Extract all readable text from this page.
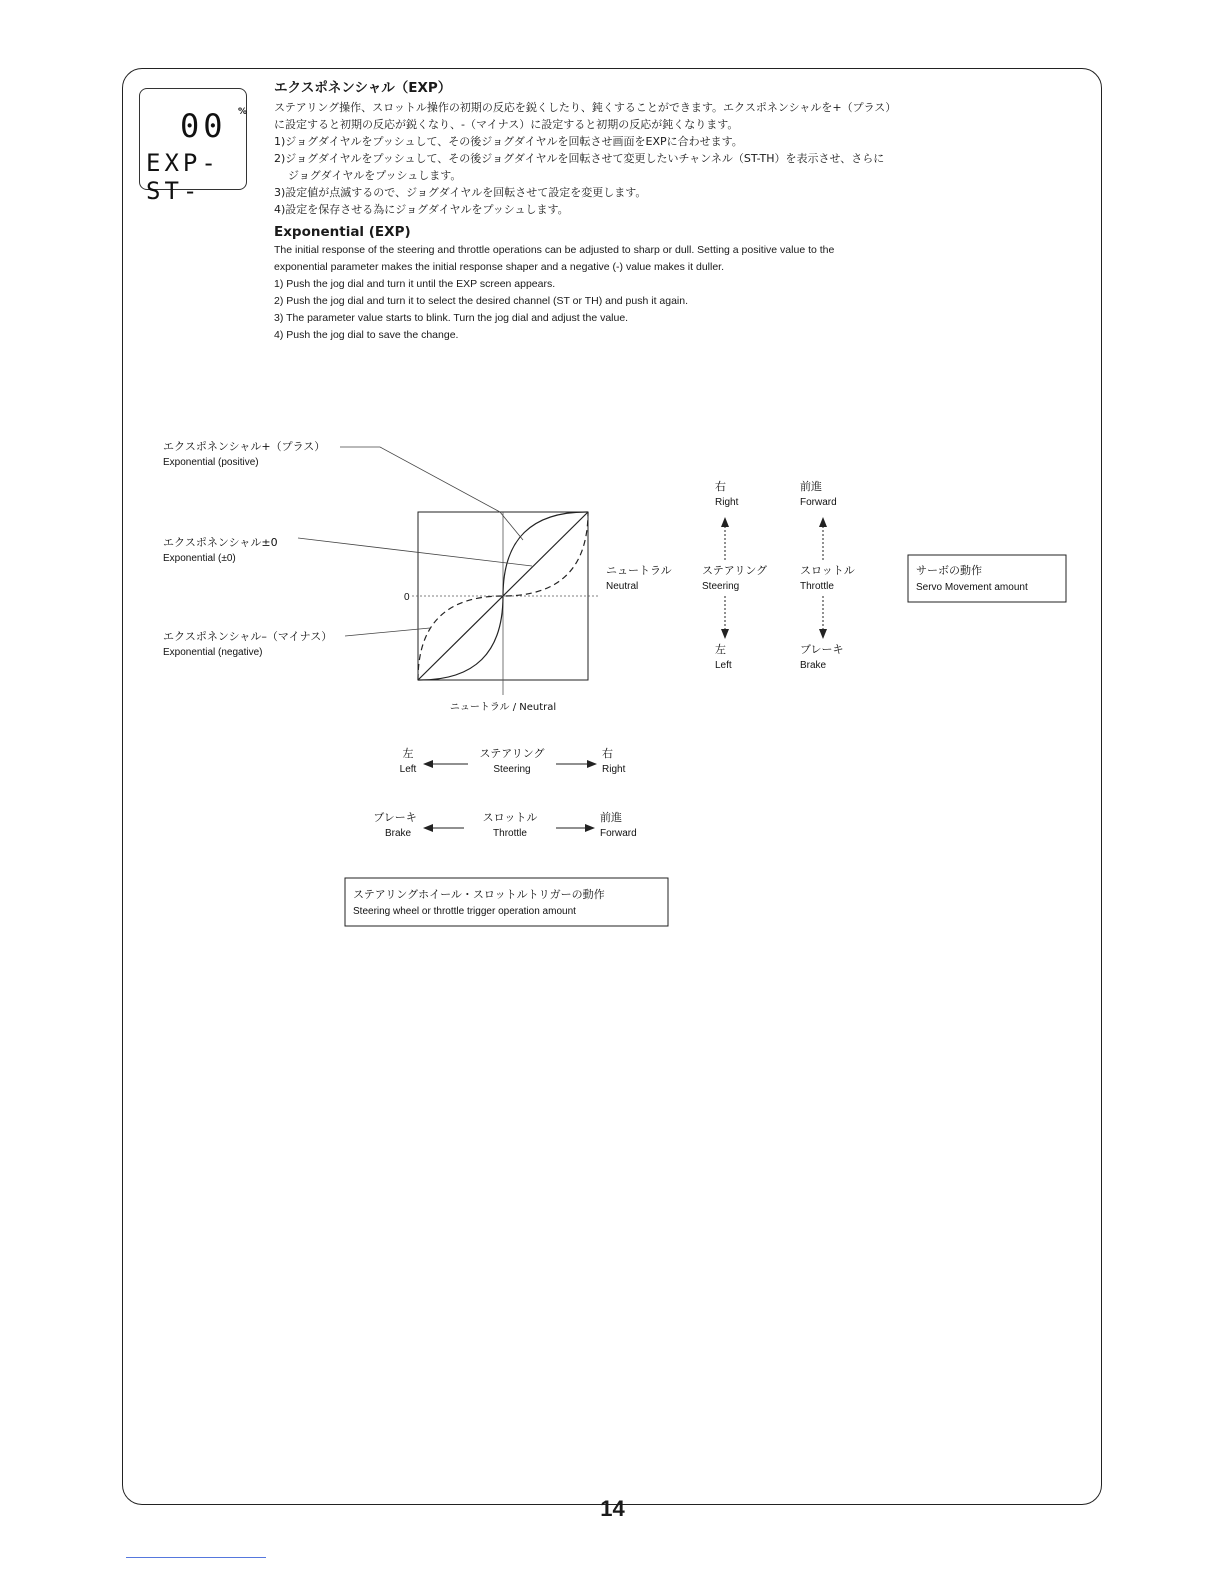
00 %
EXP-ST-

エクスポネンシャル（EXP）

ステアリング操作、スロットル操作の初期の反応を鋭くしたり、鈍くすることができます。エクスポネンシャルを+（プラス）

に設定すると初期の反応が鋭くなり、-（マイナス）に設定すると初期の反応が鈍くなります。

1)ジョグダイヤルをプッシュして、その後ジョグダイヤルを回転させ画面をEXPに合わせます。

2)ジョグダイヤルをプッシュして、その後ジョグダイヤルを回転させて変更したいチャンネル（ST-TH）を表示させ、さらに

ジョグダイヤルをプッシュします。

3)設定値が点滅するので、ジョグダイヤルを回転させて設定を変更します。

4)設定を保存させる為にジョグダイヤルをプッシュします。

Exponential (EXP)

The initial response of the steering and throttle operations can be adjusted to sharp or dull. Setting a positive value to the

exponential parameter makes the initial response shaper and a negative (-) value makes it duller.

1) Push the jog dial and turn it until the EXP screen appears.

2) Push the jog dial and turn it to select the desired channel (ST or TH) and push it again.

3) The parameter value starts to blink. Turn the jog dial and adjust the value.

4) Push the jog dial to save the change.

エクスポネンシャル+（プラス）
Exponential (positive)
エクスポネンシャル±0
Exponential (±0)
エクスポネンシャル–（マイナス）
Exponential (negative)
0
ニュートラル / Neutral
ニュートラル
Neutral
ステアリング
Steering
スロットル
Throttle
右
Right
前進
Forward
左
Left
ブレーキ
Brake
サーボの動作
Servo Movement amount
左
Left
ステアリング
Steering
右
Right
ブレーキ
Brake
スロットル
Throttle
前進
Forward
ステアリングホイール・スロットルトリガーの動作
Steering wheel or throttle trigger operation amount
14
